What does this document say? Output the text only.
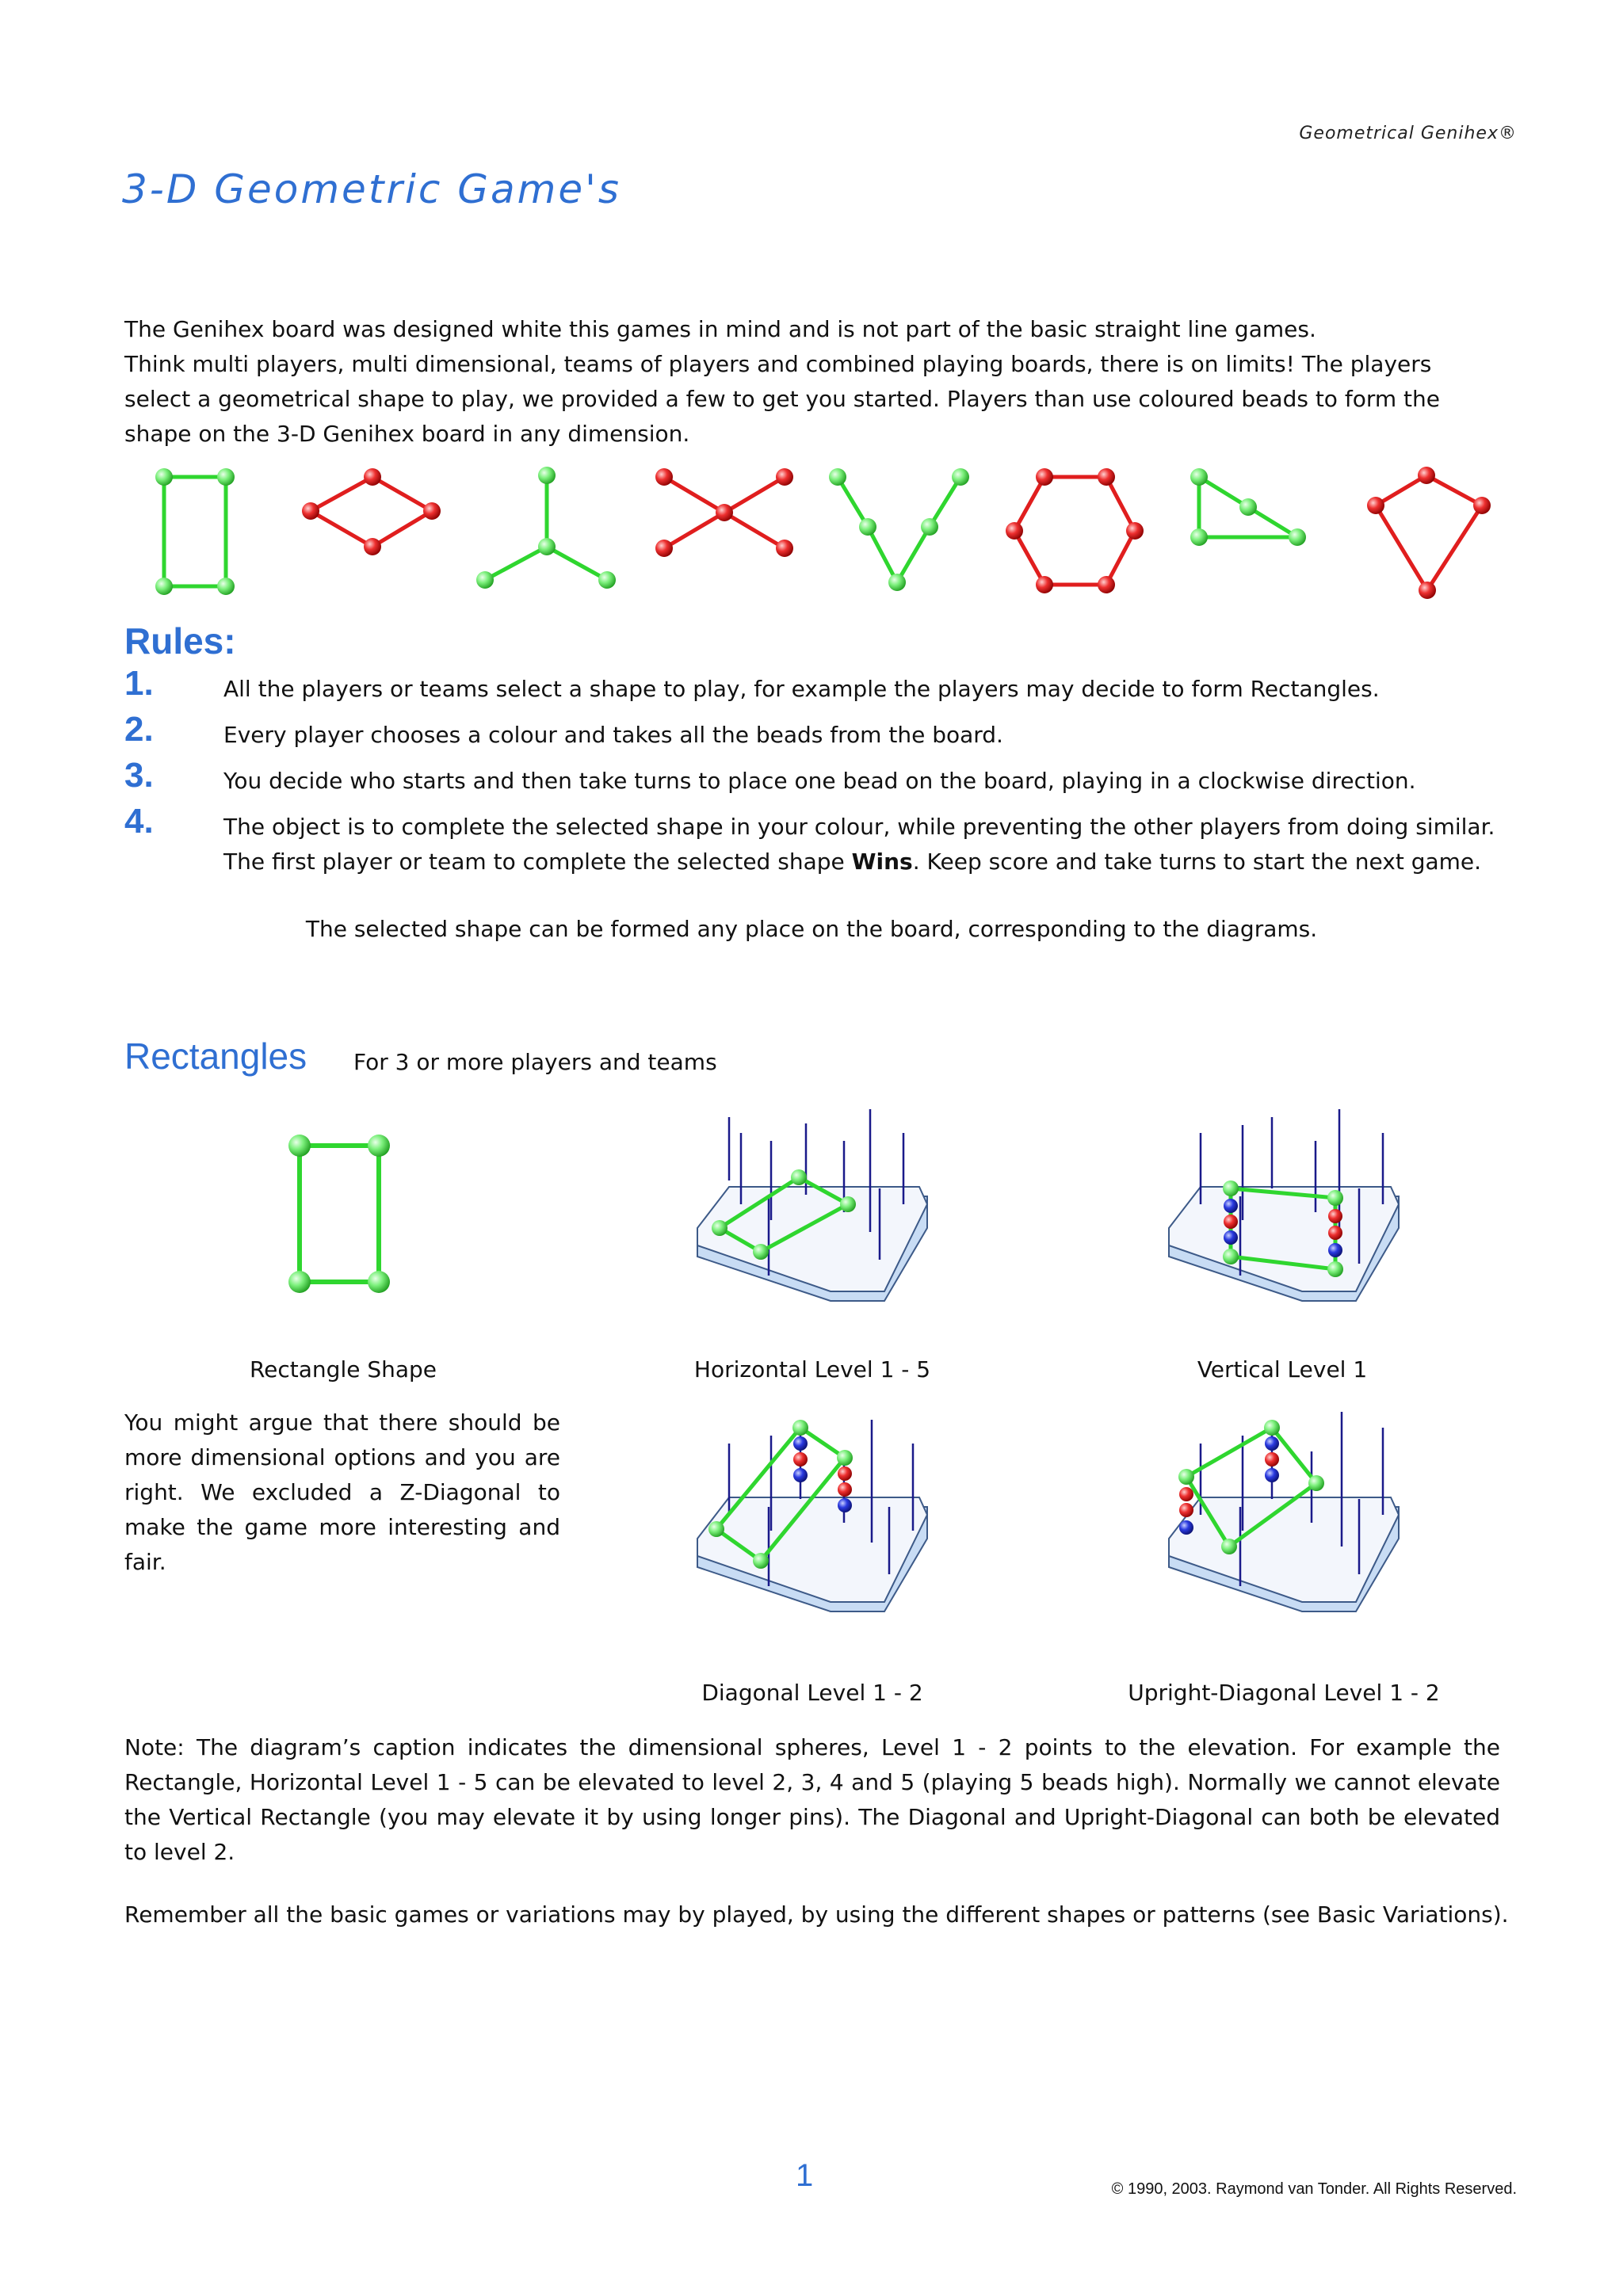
Geometrical Genihex®
3-D Geometric Game's
The Genihex board was designed white this games in mind and is not part of the basic straight line games.
Think multi players, multi dimensional, teams of players and combined playing boards, there is on limits! The players select a geometrical shape to play, we provided a few to get you started. Players than use coloured beads to form the shape on the 3-D Genihex board in any dimension.
Rules:
1.	All the players or teams select a shape to play, for example the players may decide to form Rectangles.
2.	Every player chooses a colour and takes all the beads from the board.
3.	You decide who starts and then take turns to place one bead on the board, playing in a clockwise direction.
4.	The object is to complete the selected shape in your colour, while preventing the other players from doing similar. The first player or team to complete the selected shape Wins. Keep score and take turns to start the next game.
The selected shape can be formed any place on the board, corresponding to the diagrams.
Rectangles For 3 or more players and teams
Rectangle Shape	Horizontal Level 1 - 5	Vertical Level 1
Diagonal Level 1 - 2	Upright-Diagonal Level 1 - 2
You might argue that there should be more dimensional options and you are right. We excluded a Z-Diagonal to make the game more interesting and fair.
Note: The diagram’s caption indicates the dimensional spheres, Level 1 - 2 points to the elevation. For example the Rectangle, Horizontal Level 1 - 5 can be elevated to level 2, 3, 4 and 5 (playing 5 beads high). Normally we cannot elevate the Vertical Rectangle (you may elevate it by using longer pins). The Diagonal and Upright-Diagonal can both be elevated to level 2.
Remember all the basic games or variations may by played, by using the different shapes or patterns (see Basic Variations).
1	© 1990, 2003. Raymond van Tonder. All Rights Reserved.
